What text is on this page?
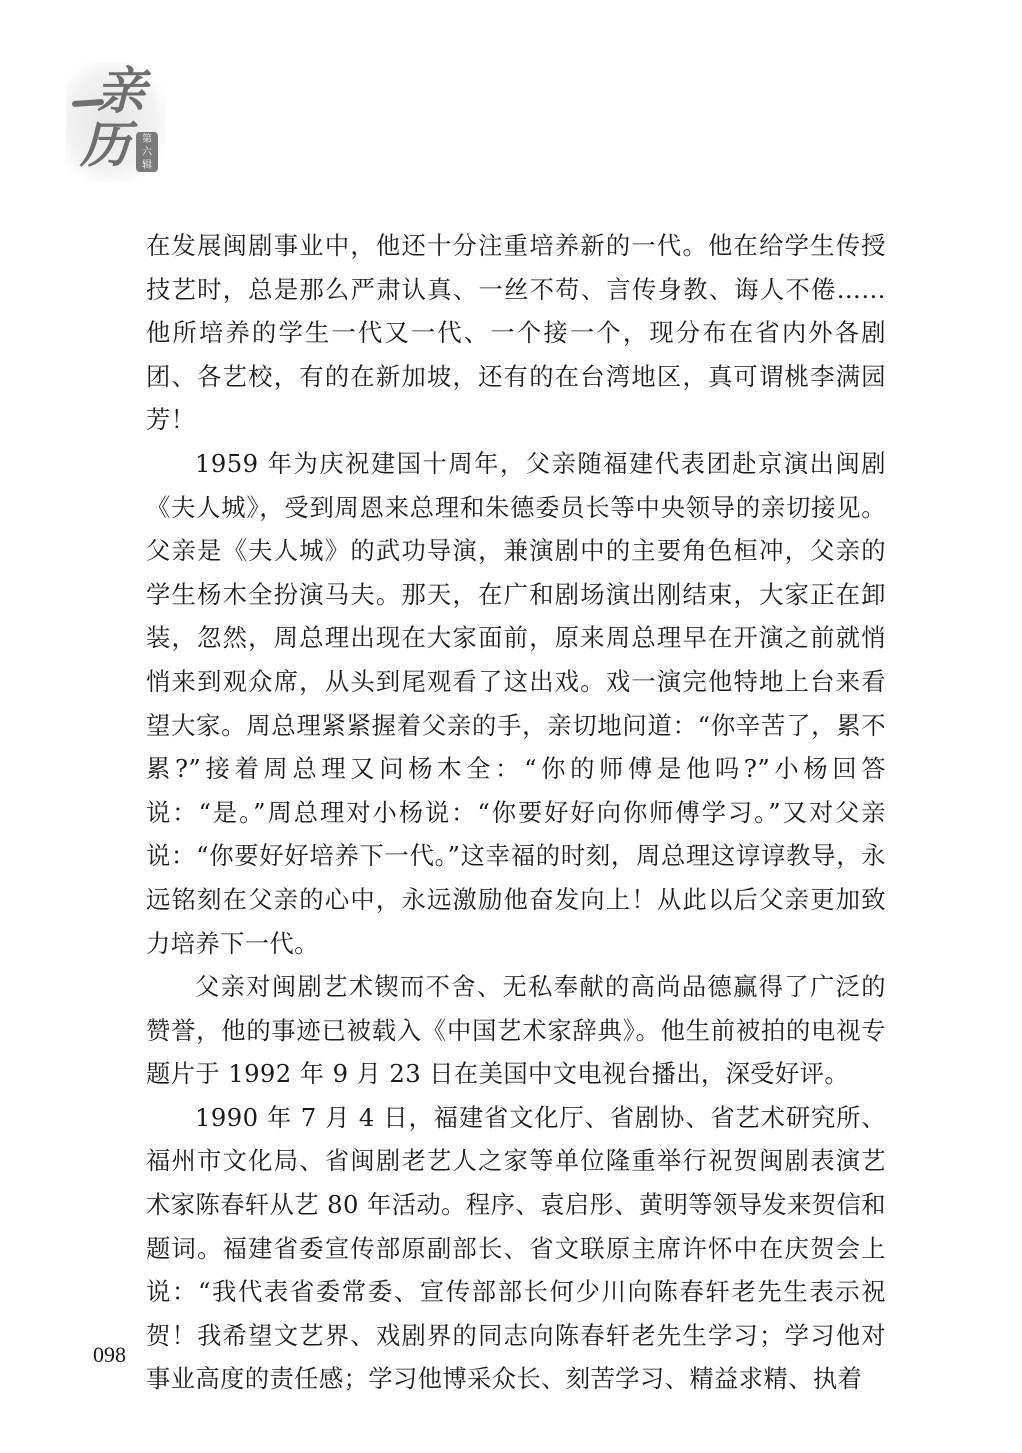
亲
历	第
六
辑

在发展闽剧事业中，他还十分注重培养新的一代。他在给学生传授技艺时，总是那么严肃认真、一丝不苟、言传身教、诲人不倦……他所培养的学生一代又一代、一个接一个，现分布在省内外各剧团、各艺校，有的在新加坡，还有的在台湾地区，真可谓桃李满园芳！

1959 年为庆祝建国十周年，父亲随福建代表团赴京演出闽剧《夫人城》，受到周恩来总理和朱德委员长等中央领导的亲切接见。父亲是《夫人城》的武功导演，兼演剧中的主要角色桓冲，父亲的学生杨木全扮演马夫。那天，在广和剧场演出刚结束，大家正在卸装，忽然，周总理出现在大家面前，原来周总理早在开演之前就悄悄来到观众席，从头到尾观看了这出戏。戏一演完他特地上台来看望大家。周总理紧紧握着父亲的手，亲切地问道：“你辛苦了，累不累?”接着周总理又问杨木全：“你的师傅是他吗?”小杨回答说：“是。”周总理对小杨说：“你要好好向你师傅学习。”又对父亲说：“你要好好培养下一代。”这幸福的时刻，周总理这谆谆教导，永远铭刻在父亲的心中，永远激励他奋发向上！从此以后父亲更加致力培养下一代。

父亲对闽剧艺术锲而不舍、无私奉献的高尚品德赢得了广泛的赞誉，他的事迹已被载入《中国艺术家辞典》。他生前被拍的电视专题片于 1992 年 9 月 23 日在美国中文电视台播出，深受好评。

1990 年 7 月 4 日，福建省文化厅、省剧协、省艺术研究所、福州市文化局、省闽剧老艺人之家等单位隆重举行祝贺闽剧表演艺术家陈春轩从艺 80 年活动。程序、袁启彤、黄明等领导发来贺信和题词。福建省委宣传部原副部长、省文联原主席许怀中在庆贺会上说：“我代表省委常委、宣传部部长何少川向陈春轩老先生表示祝贺！我希望文艺界、戏剧界的同志向陈春轩老先生学习；学习他对事业高度的责任感；学习他博采众长、刻苦学习、精益求精、执着

098
